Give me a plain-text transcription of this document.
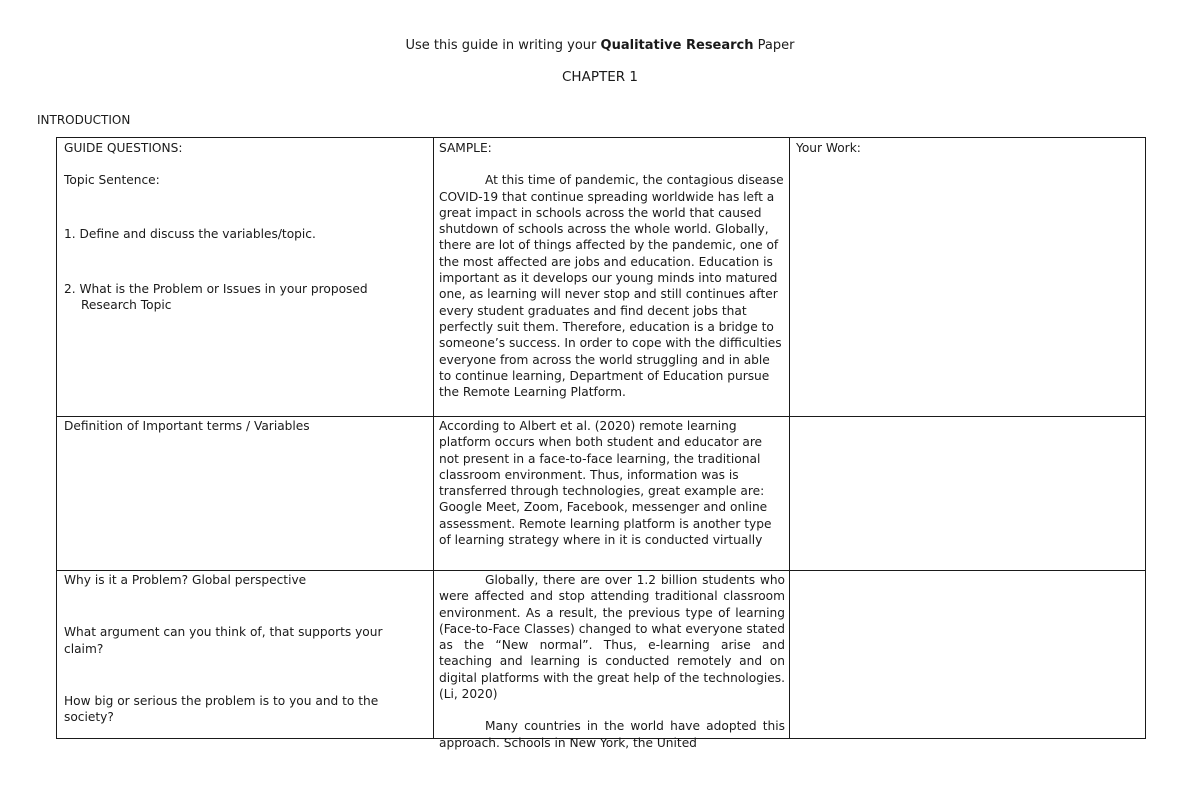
Use this guide in writing your Qualitative Research Paper
CHAPTER 1
INTRODUCTION

GUIDE QUESTIONS:

Topic Sentence:

1. Define and discuss the variables/topic.

2. What is the Problem or Issues in your proposed Research Topic

SAMPLE:

At this time of pandemic, the contagious disease COVID-19 that continue spreading worldwide has left a great impact in schools across the world that caused shutdown of schools across the whole world. Globally, there are lot of things affected by the pandemic, one of the most affected are jobs and education. Education is important as it develops our young minds into matured one, as learning will never stop and still continues after every student graduates and find decent jobs that perfectly suit them. Therefore, education is a bridge to someone’s success. In order to cope with the difficulties everyone from across the world struggling and in able to continue learning, Department of Education pursue the Remote Learning Platform.

Your Work:

Definition of Important terms / Variables	According to Albert et al. (2020) remote learning platform occurs when both student and educator are not present in a face-to-face learning, the traditional classroom environment. Thus, information was is transferred through technologies, great example are: Google Meet, Zoom, Facebook, messenger and online assessment. Remote learning platform is another type of learning strategy where in it is conducted virtually

Why is it a Problem? Global perspective

What argument can you think of, that supports your claim?

How big or serious the problem is to you and to the society?

Globally, there are over 1.2 billion students who were affected and stop attending traditional classroom environment. As a result, the previous type of learning (Face-to-Face Classes) changed to what everyone stated as the “New normal”. Thus, e-learning arise and teaching and learning is conducted remotely and on digital platforms with the great help of the technologies. (Li, 2020)

Many countries in the world have adopted this approach. Schools in New York, the United
